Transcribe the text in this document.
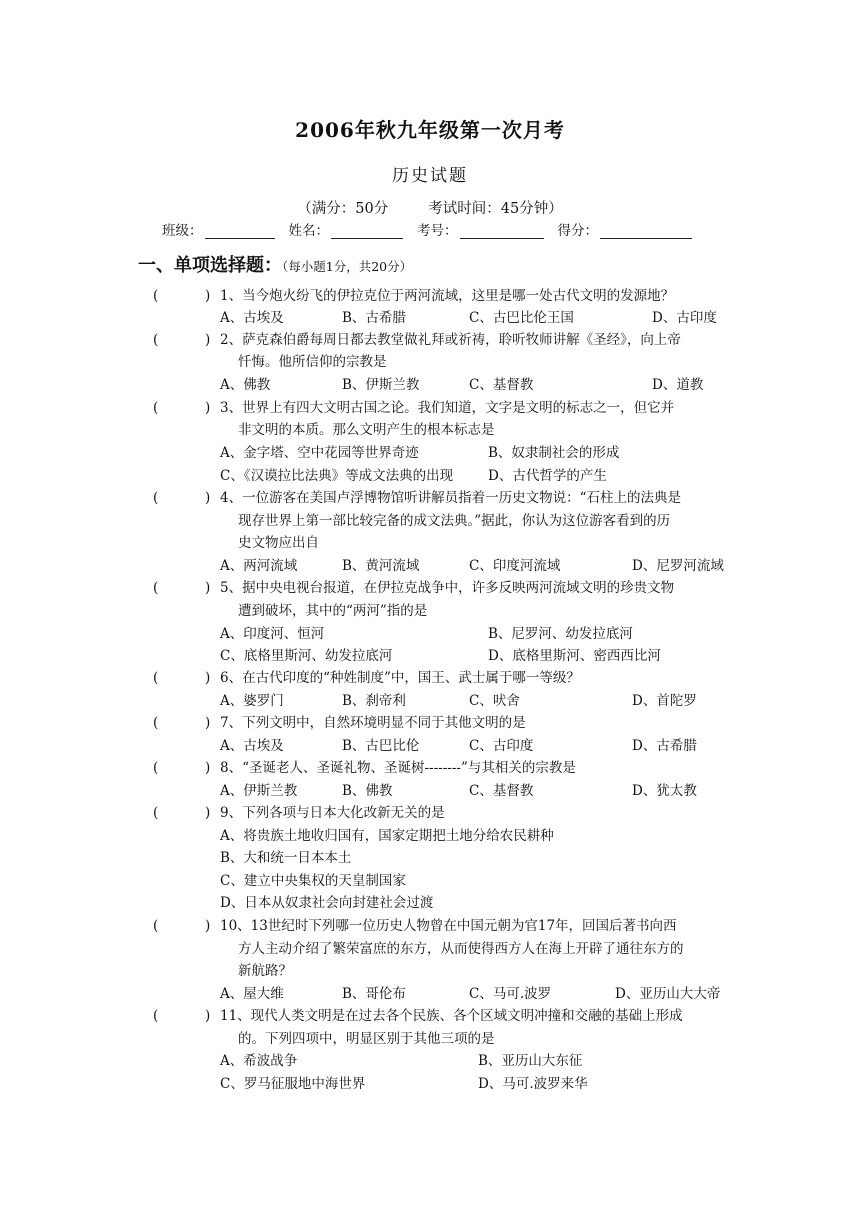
2006年秋九年级第一次月考
历史试题
（满分：50分	考试时间：45分钟）
班级：	姓名：	考号：	得分：
一、单项选择题：（每小题1分，共20分）
(	) 1、当今炮火纷飞的伊拉克位于两河流域，这里是哪一处古代文明的发源地？
A、古埃及	B、古希腊	C、古巴比伦王国	D、古印度
(	) 2、萨克森伯爵每周日都去教堂做礼拜或祈祷，聆听牧师讲解《圣经》，向上帝
忏悔。他所信仰的宗教是
A、佛教	B、伊斯兰教	C、基督教	D、道教
(	) 3、世界上有四大文明古国之论。我们知道，文字是文明的标志之一，但它并
非文明的本质。那么文明产生的根本标志是
A、金字塔、空中花园等世界奇迹	B、奴隶制社会的形成
C、《汉谟拉比法典》等成文法典的出现	D、古代哲学的产生
(	) 4、一位游客在美国卢浮博物馆听讲解员指着一历史文物说：“石柱上的法典是
现存世界上第一部比较完备的成文法典。”据此，你认为这位游客看到的历
史文物应出自
A、两河流域	B、黄河流域	C、印度河流域	D、尼罗河流域
(	) 5、据中央电视台报道，在伊拉克战争中，许多反映两河流域文明的珍贵文物
遭到破坏，其中的“两河”指的是
A、印度河、恒河	B、尼罗河、幼发拉底河
C、底格里斯河、幼发拉底河	D、底格里斯河、密西西比河
(	) 6、在古代印度的“种姓制度”中，国王、武士属于哪一等级？
A、婆罗门	B、刹帝利	C、吠舍	D、首陀罗
(	) 7、下列文明中，自然环境明显不同于其他文明的是
A、古埃及	B、古巴比伦	C、古印度	D、古希腊
(	) 8、“圣诞老人、圣诞礼物、圣诞树--------”与其相关的宗教是
A、伊斯兰教	B、佛教	C、基督教	D、犹太教
(	) 9、下列各项与日本大化改新无关的是
A、将贵族土地收归国有，国家定期把土地分给农民耕种
B、大和统一日本本土
C、建立中央集权的天皇制国家
D、日本从奴隶社会向封建社会过渡
(	) 10、13世纪时下列哪一位历史人物曾在中国元朝为官17年，回国后著书向西
方人主动介绍了繁荣富庶的东方，从而使得西方人在海上开辟了通往东方的
新航路？
A、屋大维	B、哥伦布	C、马可.波罗	D、亚历山大大帝
(	) 11、现代人类文明是在过去各个民族、各个区域文明冲撞和交融的基础上形成
的。下列四项中，明显区别于其他三项的是
A、希波战争	B、亚历山大东征
C、罗马征服地中海世界	D、马可.波罗来华
